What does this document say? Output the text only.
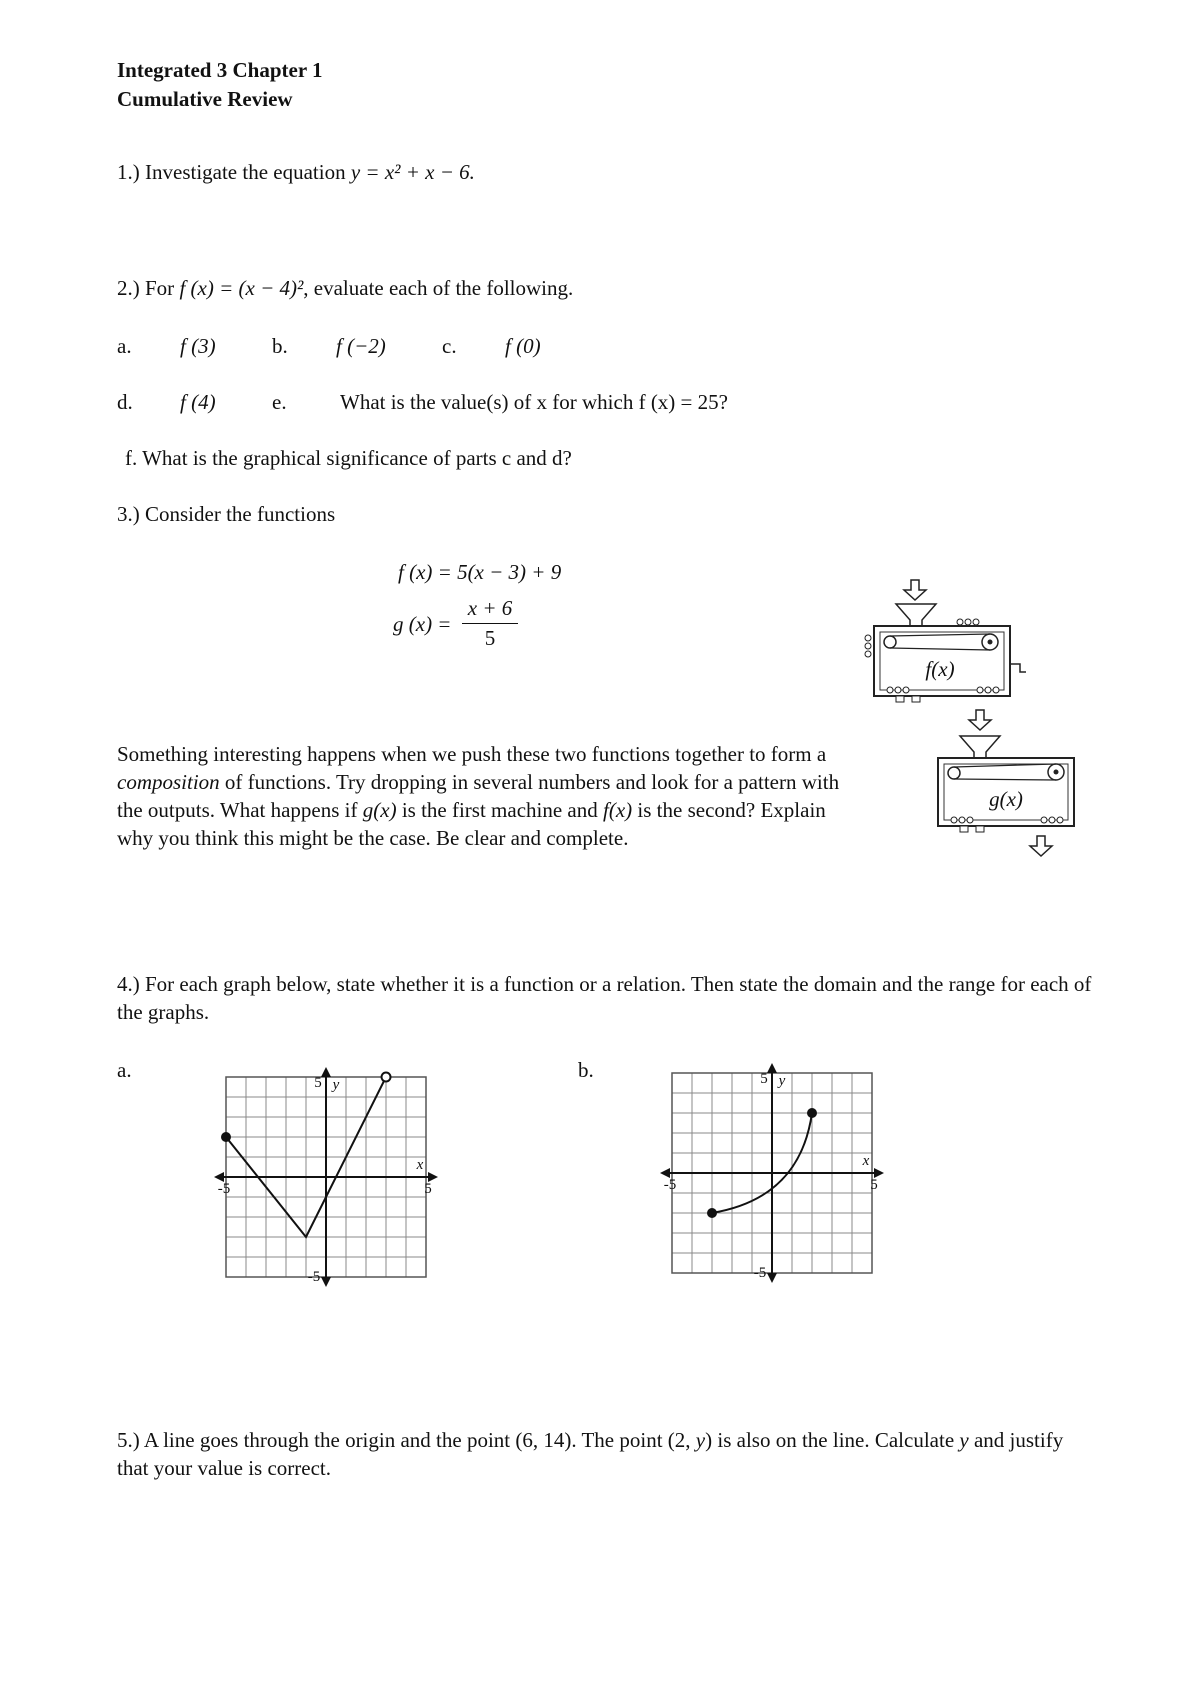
Integrated 3 Chapter 1
Cumulative Review
1.) Investigate the equation y = x² + x − 6.
2.) For f (x) = (x − 4)², evaluate each of the following.
a. f (3)	b. f (−2)	c. f (0)
d. f (4)	e.	What is the value(s) of x for which f (x) = 25?
f. What is the graphical significance of parts c and d?
3.) Consider the functions
f (x) = 5(x − 3) + 9
g (x) =
x + 6
5
f(x)
g(x)
Something interesting happens when we push these two functions together to form a composition of functions. Try dropping in several numbers and look for a pattern with the outputs. What happens if g(x) is the first machine and f(x) is the second? Explain why you think this might be the case. Be clear and complete.
4.) For each graph below, state whether it is a function or a relation. Then state the domain and the range for each of the graphs.
a.	b.
5 y
x
5
-5
-5
5 y
x
5
-5
-5
5.) A line goes through the origin and the point (6, 14). The point (2, y) is also on the line. Calculate y and justify that your value is correct.
